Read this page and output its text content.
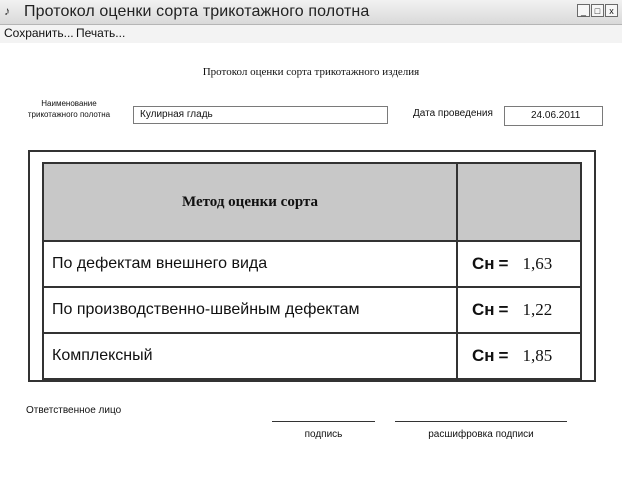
♪ Протокол оценки сорта трикотажного полотна	_ □	x
Сохранить... Печать...
Протокол оценки сорта трикотажного изделия
Наименование трикотажного полотна	Кулирная гладь	Дата проведения	24.06.2011
Метод оценки сорта	
По дефектам внешнего вида	Сн = 1,63
По производственно-швейным дефектам	Сн = 1,22
Комплексный	Сн = 1,85
Ответственное лицо
подпись	расшифровка подписи
